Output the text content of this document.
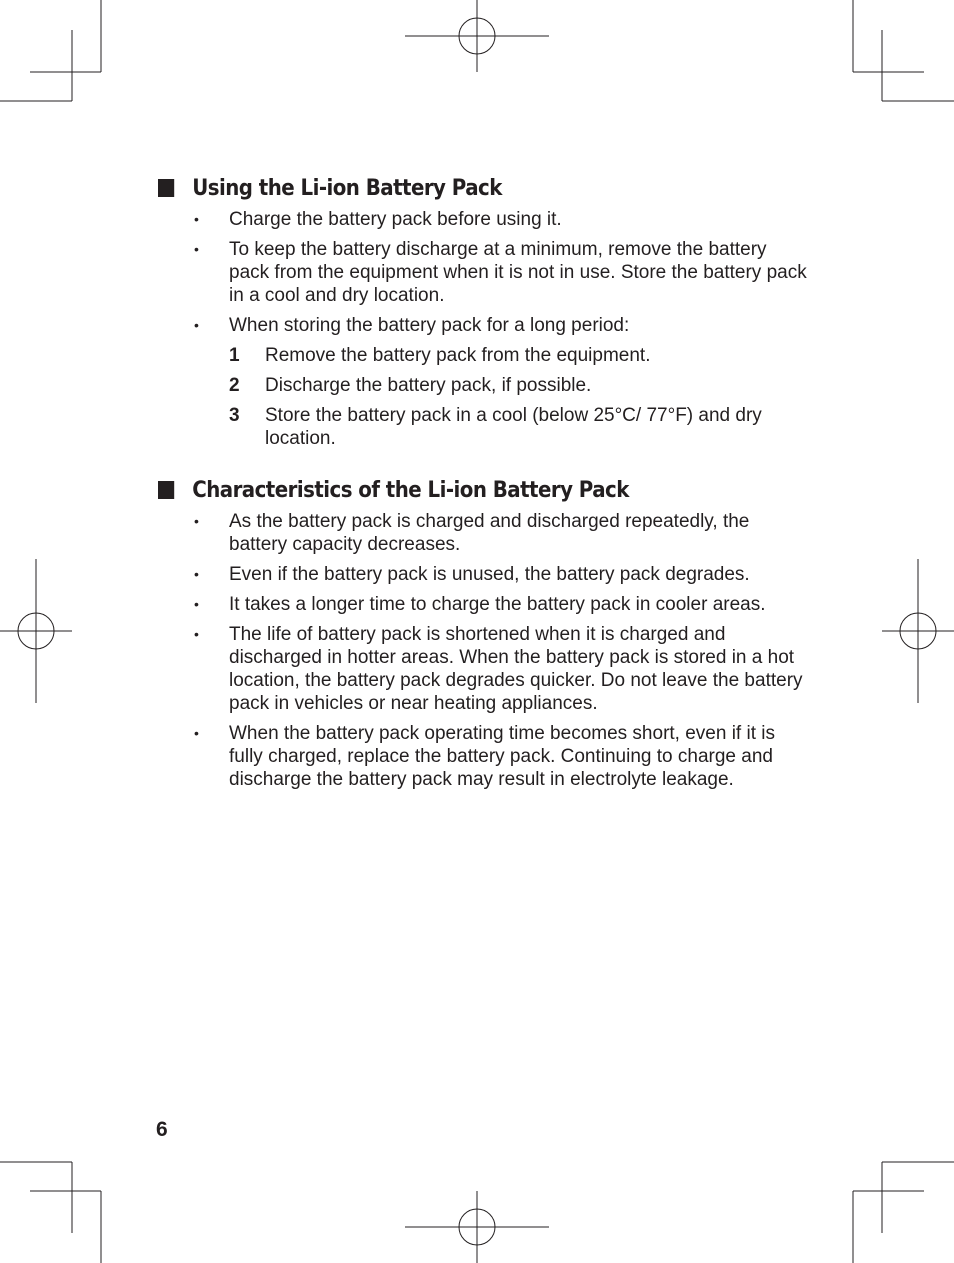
Using the Li-ion Battery Pack
• Charge the battery pack before using it.
• To keep the battery discharge at a minimum, remove the battery pack from the equipment when it is not in use. Store the battery pack in a cool and dry location.
• When storing the battery pack for a long period:
1 Remove the battery pack from the equipment.
2 Discharge the battery pack, if possible.
3 Store the battery pack in a cool (below 25°C/ 77°F) and dry location.
Characteristics of the Li-ion Battery Pack
• As the battery pack is charged and discharged repeatedly, the battery capacity decreases.
• Even if the battery pack is unused, the battery pack degrades.
• It takes a longer time to charge the battery pack in cooler areas.
• The life of battery pack is shortened when it is charged and discharged in hotter areas. When the battery pack is stored in a hot location, the battery pack degrades quicker. Do not leave the battery pack in vehicles or near heating appliances.
• When the battery pack operating time becomes short, even if it is fully charged, replace the battery pack. Continuing to charge and discharge the battery pack may result in electrolyte leakage.
6
